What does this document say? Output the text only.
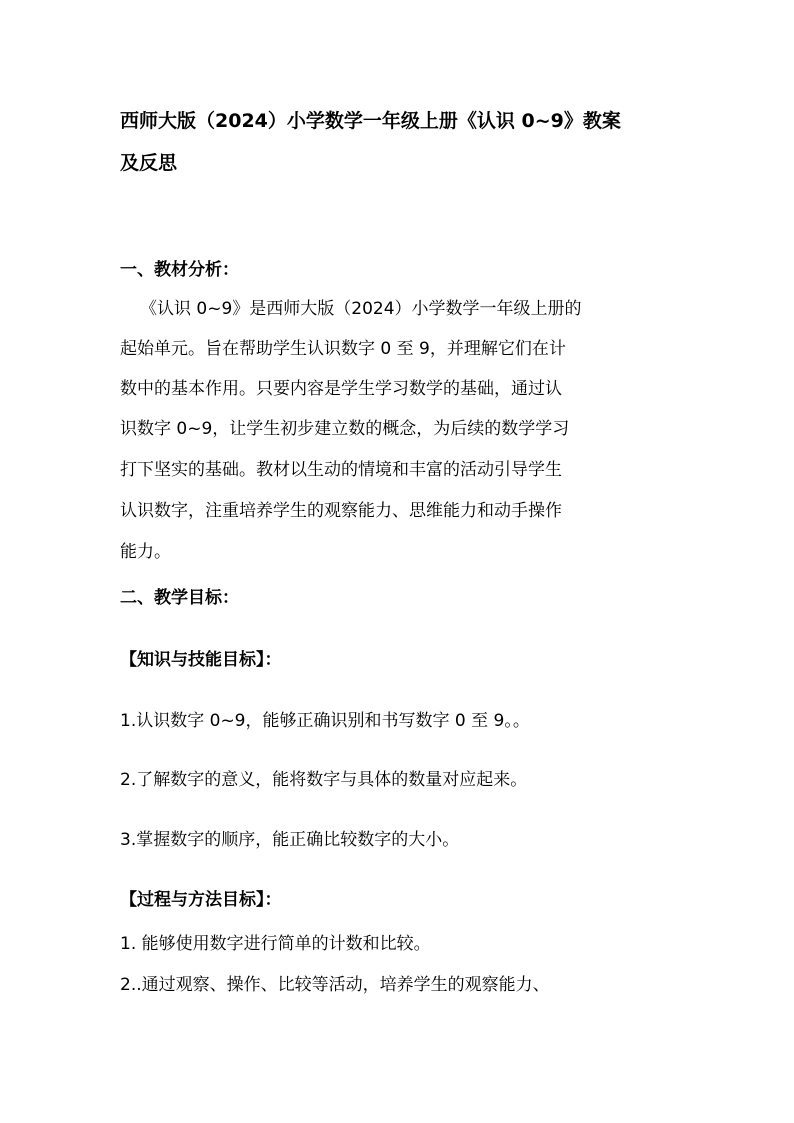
西师大版（2024）小学数学一年级上册《认识 0~9》教案
及反思
一、教材分析：
《认识 0~9》是西师大版（2024）小学数学一年级上册的
起始单元。旨在帮助学生认识数字 0 至 9，并理解它们在计
数中的基本作用。只要内容是学生学习数学的基础，通过认
识数字 0~9，让学生初步建立数的概念，为后续的数学学习
打下坚实的基础。教材以生动的情境和丰富的活动引导学生
认识数字，注重培养学生的观察能力、思维能力和动手操作
能力。
二、教学目标：
【知识与技能目标】：
1.认识数字 0~9，能够正确识别和书写数字 0 至 9。。
2.了解数字的意义，能将数字与具体的数量对应起来。
3.掌握数字的顺序，能正确比较数字的大小。
【过程与方法目标】：
1. 能够使用数字进行简单的计数和比较。
2..通过观察、操作、比较等活动，培养学生的观察能力、
